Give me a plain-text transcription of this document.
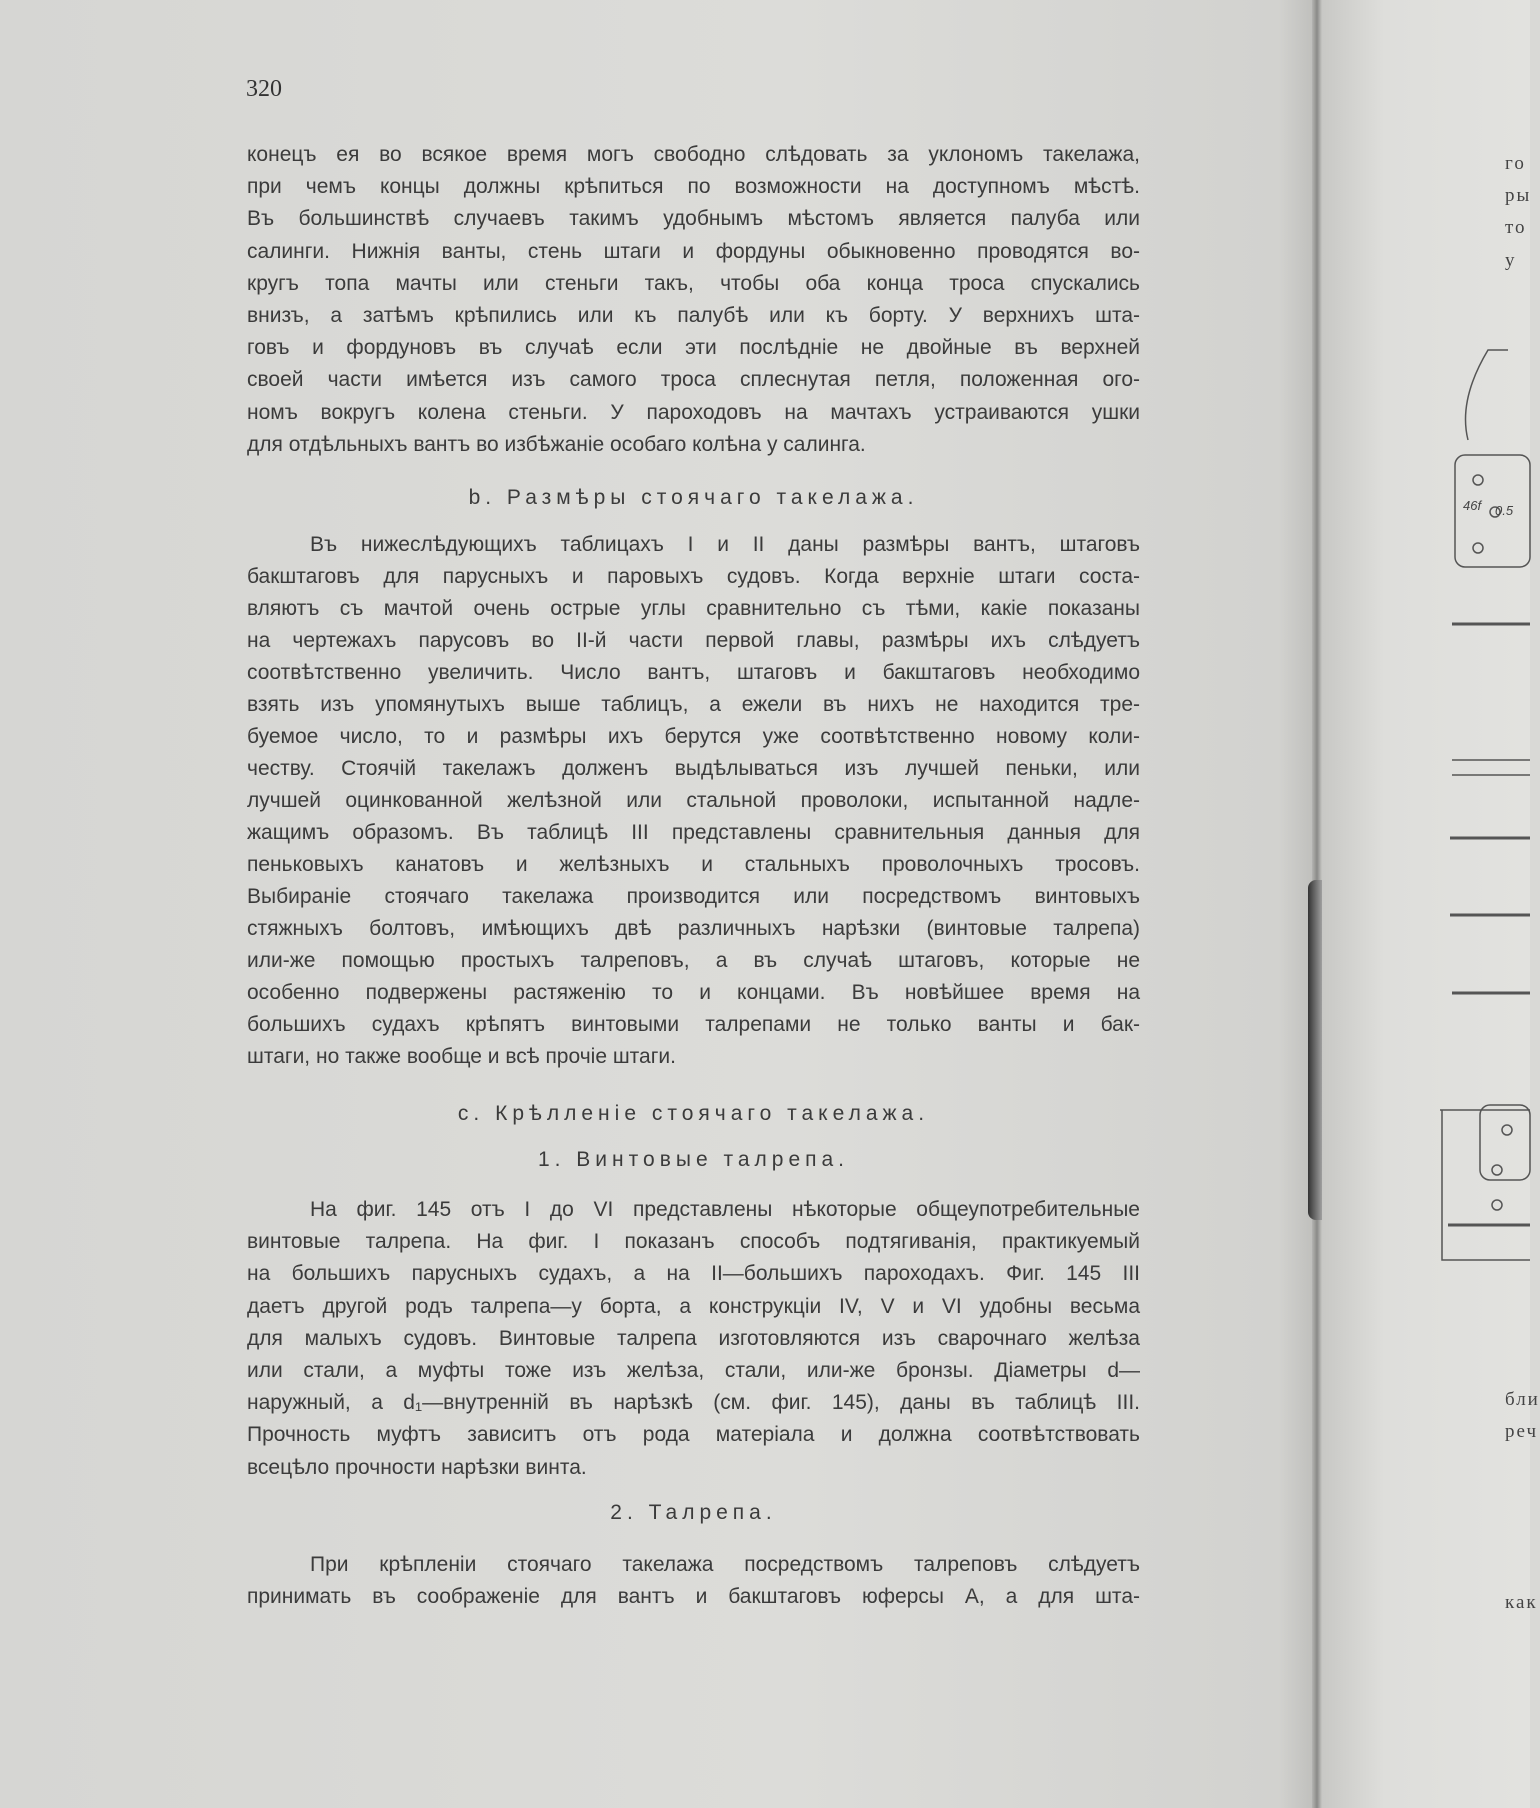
320
конецъ ея во всякое время могъ свободно слѣдовать за уклономъ такелажа,
при чемъ концы должны крѣпиться по возможности на доступномъ мѣстѣ.
Въ большинствѣ случаевъ такимъ удобнымъ мѣстомъ является палуба или
салинги. Нижнія ванты, стень штаги и фордуны обыкновенно проводятся во-
кругъ топа мачты или стеньги такъ, чтобы оба конца троса спускались
внизъ, а затѣмъ крѣпились или къ палубѣ или къ борту. У верхнихъ шта-
говъ и фордуновъ въ случаѣ если эти послѣдніе не двойные въ верхней
своей части имѣется изъ самого троса сплеснутая петля, положенная ого-
номъ вокругъ колена стеньги. У пароходовъ на мачтахъ устраиваются ушки
для отдѣльныхъ вантъ во избѣжаніе особаго колѣна у салинга.
b. Размѣры стоячаго такелажа.
Въ нижеслѣдующихъ таблицахъ I и II даны размѣры вантъ, штаговъ
бакштаговъ для парусныхъ и паровыхъ судовъ. Когда верхніе штаги соста-
вляютъ съ мачтой очень острые углы сравнительно съ тѣми, какіе показаны
на чертежахъ парусовъ во II-й части первой главы, размѣры ихъ слѣдуетъ
соотвѣтственно увеличить. Число вантъ, штаговъ и бакштаговъ необходимо
взять изъ упомянутыхъ выше таблицъ, а ежели въ нихъ не находится тре-
буемое число, то и размѣры ихъ берутся уже соотвѣтственно новому коли-
честву. Стоячій такелажъ долженъ выдѣлываться изъ лучшей пеньки, или
лучшей оцинкованной желѣзной или стальной проволоки, испытанной надле-
жащимъ образомъ. Въ таблицѣ III представлены сравнительныя данныя для
пеньковыхъ канатовъ и желѣзныхъ и стальныхъ проволочныхъ тросовъ.
Выбираніе стоячаго такелажа производится или посредствомъ винтовыхъ
стяжныхъ болтовъ, имѣющихъ двѣ различныхъ нарѣзки (винтовые талрепа)
или-же помощью простыхъ талреповъ, а въ случаѣ штаговъ, которые не
особенно подвержены растяженію то и концами. Въ новѣйшее время на
большихъ судахъ крѣпятъ винтовыми талрепами не только ванты и бак-
штаги, но также вообще и всѣ прочіе штаги.
c. Крѣлленіе стоячаго такелажа.
1. Винтовые талрепа.
На фиг. 145 отъ I до VI представлены нѣкоторые общеупотребительные
винтовые талрепа. На фиг. I показанъ способъ подтягиванія, практикуемый
на большихъ парусныхъ судахъ, а на II—большихъ пароходахъ. Фиг. 145 III
даетъ другой родъ талрепа—у борта, а конструкціи IV, V и VI удобны весьма
для малыхъ судовъ. Винтовые талрепа изготовляются изъ сварочнаго желѣза
или стали, а муфты тоже изъ желѣза, стали, или-же бронзы. Діаметры d—
наружный, а d₁—внутренній въ нарѣзкѣ (см. фиг. 145), даны въ таблицѣ III.
Прочность муфтъ зависитъ отъ рода матеріала и должна соотвѣтствовать
всецѣло прочности нарѣзки винта.
2. Талрепа.
При крѣпленіи стоячаго такелажа посредствомъ талреповъ слѣдуетъ
принимать въ соображеніе для вантъ и бакштаговъ юферсы A, а для шта-
46f 0.5
го
ры
то
у
бли
реч
как
